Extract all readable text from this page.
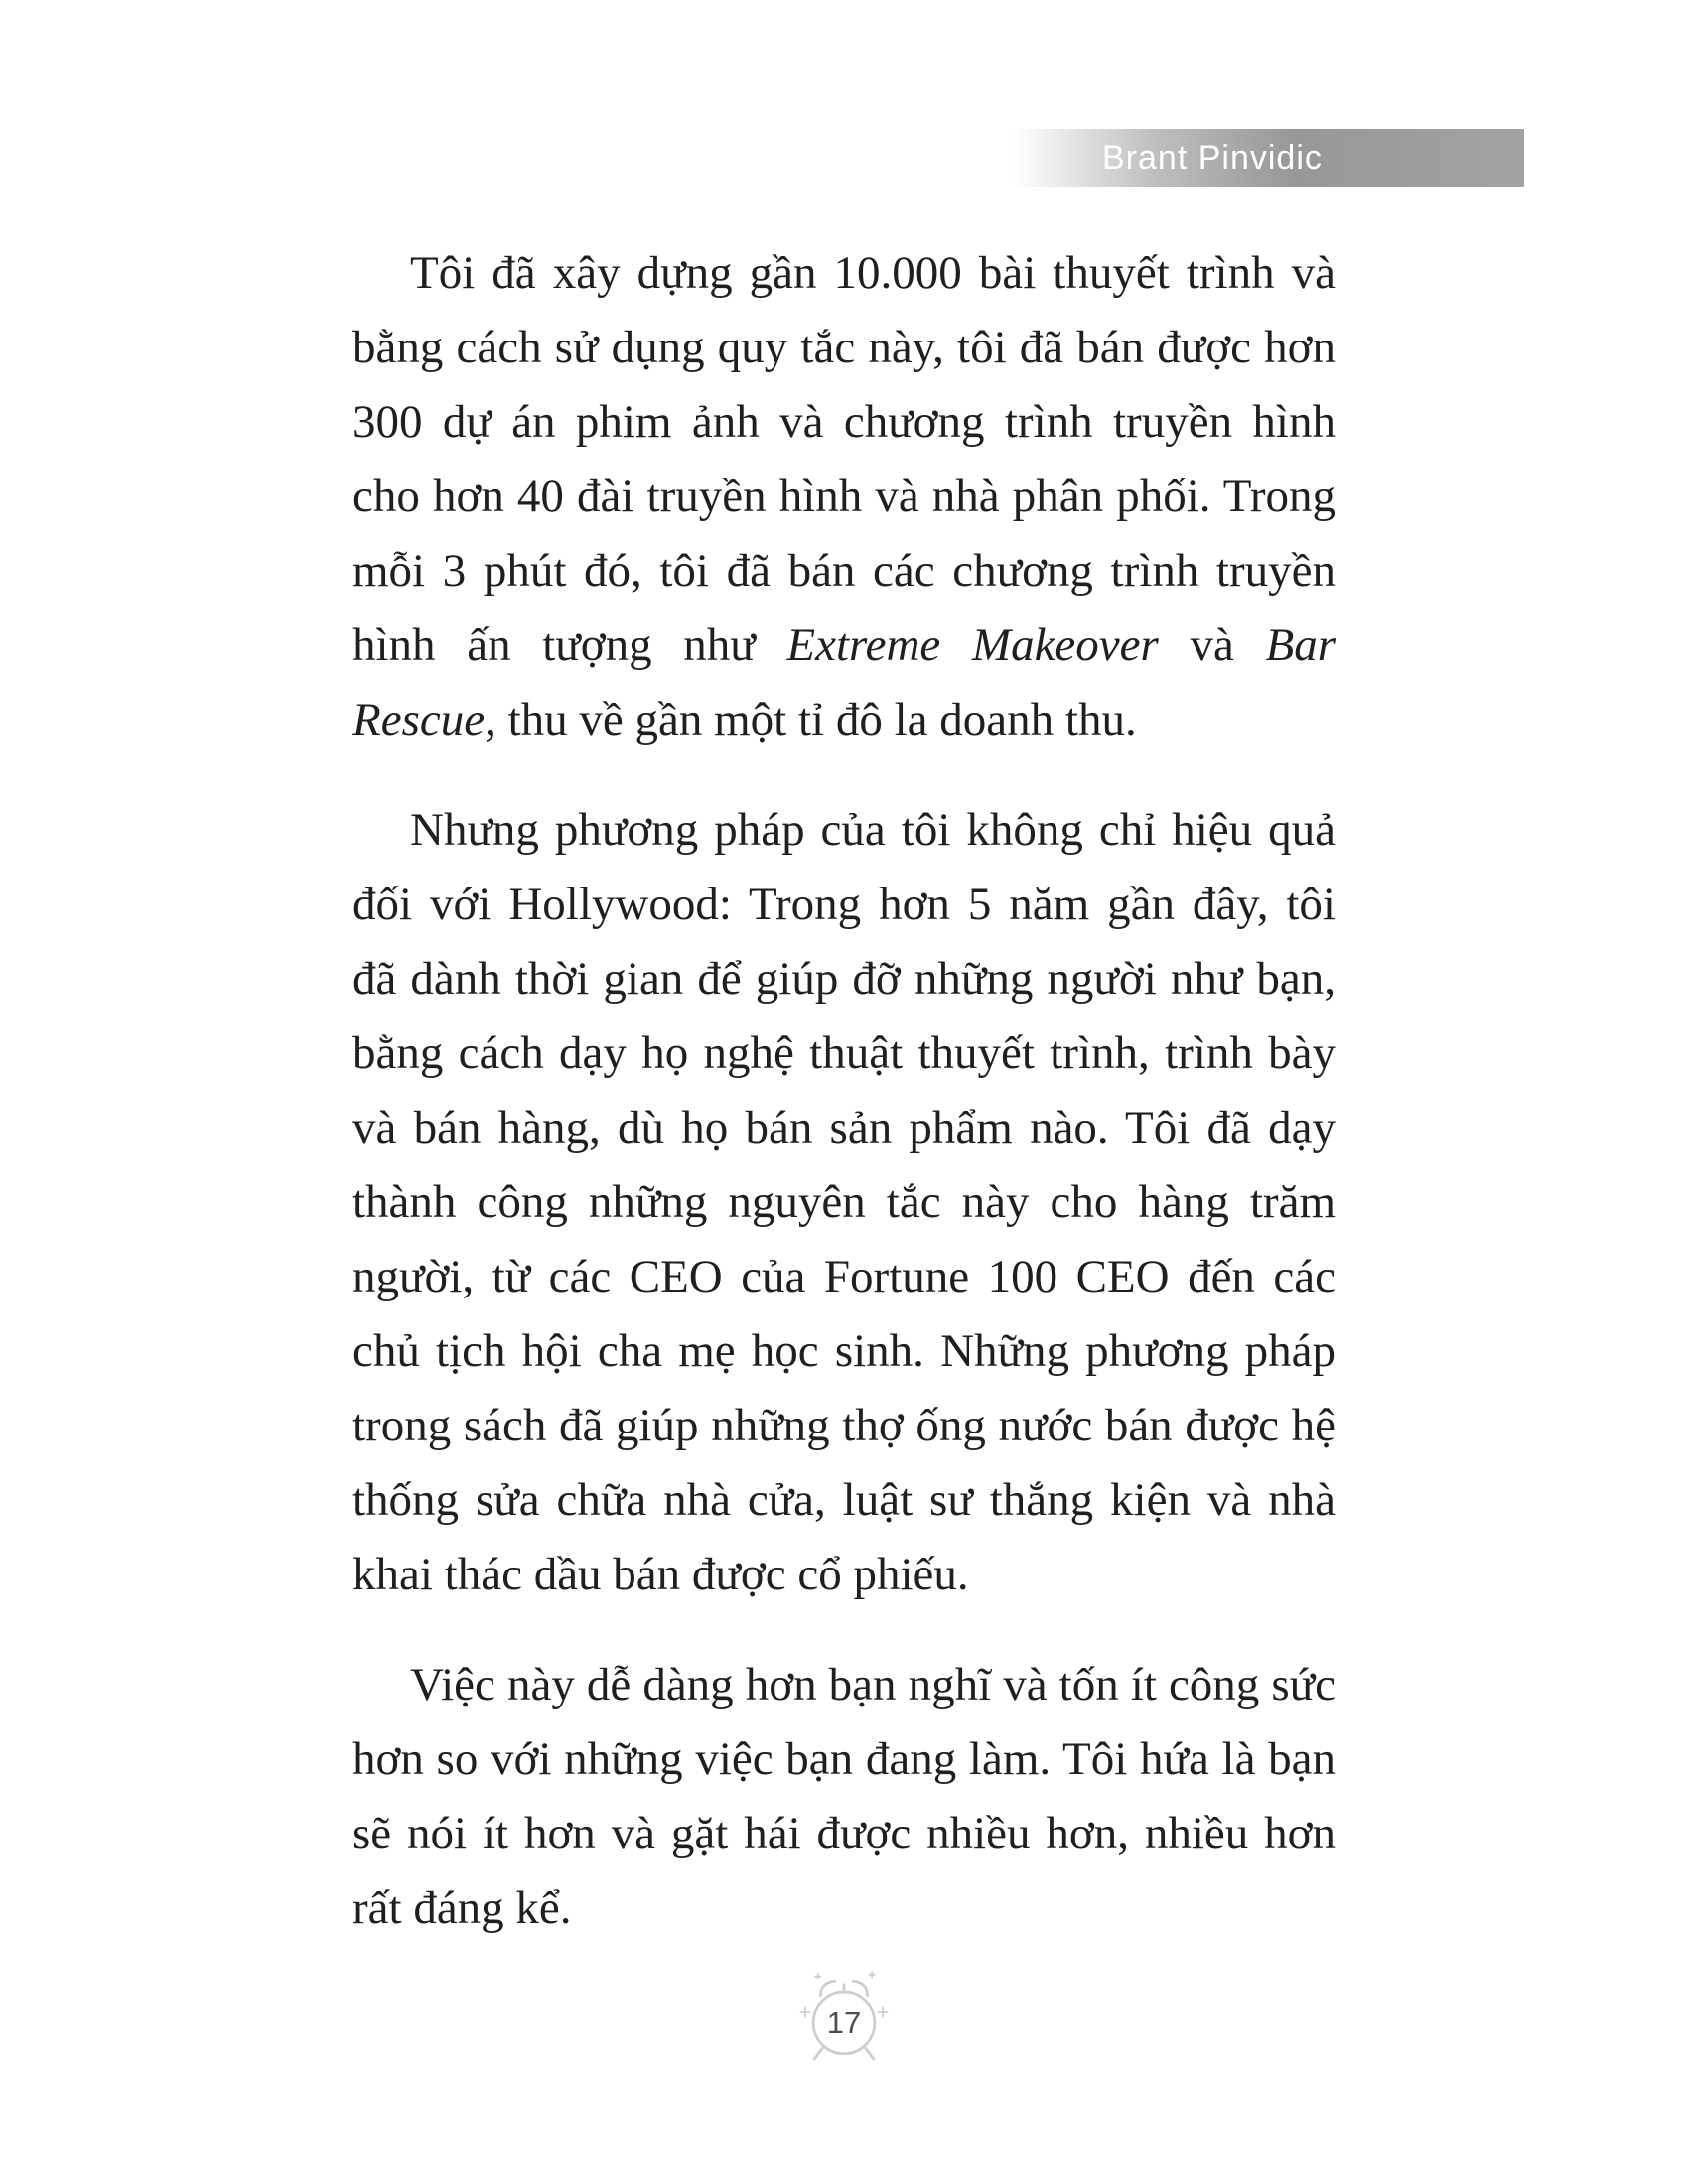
Brant Pinvidic

Tôi đã xây dựng gần 10.000 bài thuyết trình và bằng cách sử dụng quy tắc này, tôi đã bán được hơn 300 dự án phim ảnh và chương trình truyền hình cho hơn 40 đài truyền hình và nhà phân phối. Trong mỗi 3 phút đó, tôi đã bán các chương trình truyền hình ấn tượng như Extreme Makeover và Bar Rescue, thu về gần một tỉ đô la doanh thu.

Nhưng phương pháp của tôi không chỉ hiệu quả đối với Hollywood: Trong hơn 5 năm gần đây, tôi đã dành thời gian để giúp đỡ những người như bạn, bằng cách dạy họ nghệ thuật thuyết trình, trình bày và bán hàng, dù họ bán sản phẩm nào. Tôi đã dạy thành công những nguyên tắc này cho hàng trăm người, từ các CEO của Fortune 100 CEO đến các chủ tịch hội cha mẹ học sinh. Những phương pháp trong sách đã giúp những thợ ống nước bán được hệ thống sửa chữa nhà cửa, luật sư thắng kiện và nhà khai thác dầu bán được cổ phiếu.

Việc này dễ dàng hơn bạn nghĩ và tốn ít công sức hơn so với những việc bạn đang làm. Tôi hứa là bạn sẽ nói ít hơn và gặt hái được nhiều hơn, nhiều hơn rất đáng kể.

17
